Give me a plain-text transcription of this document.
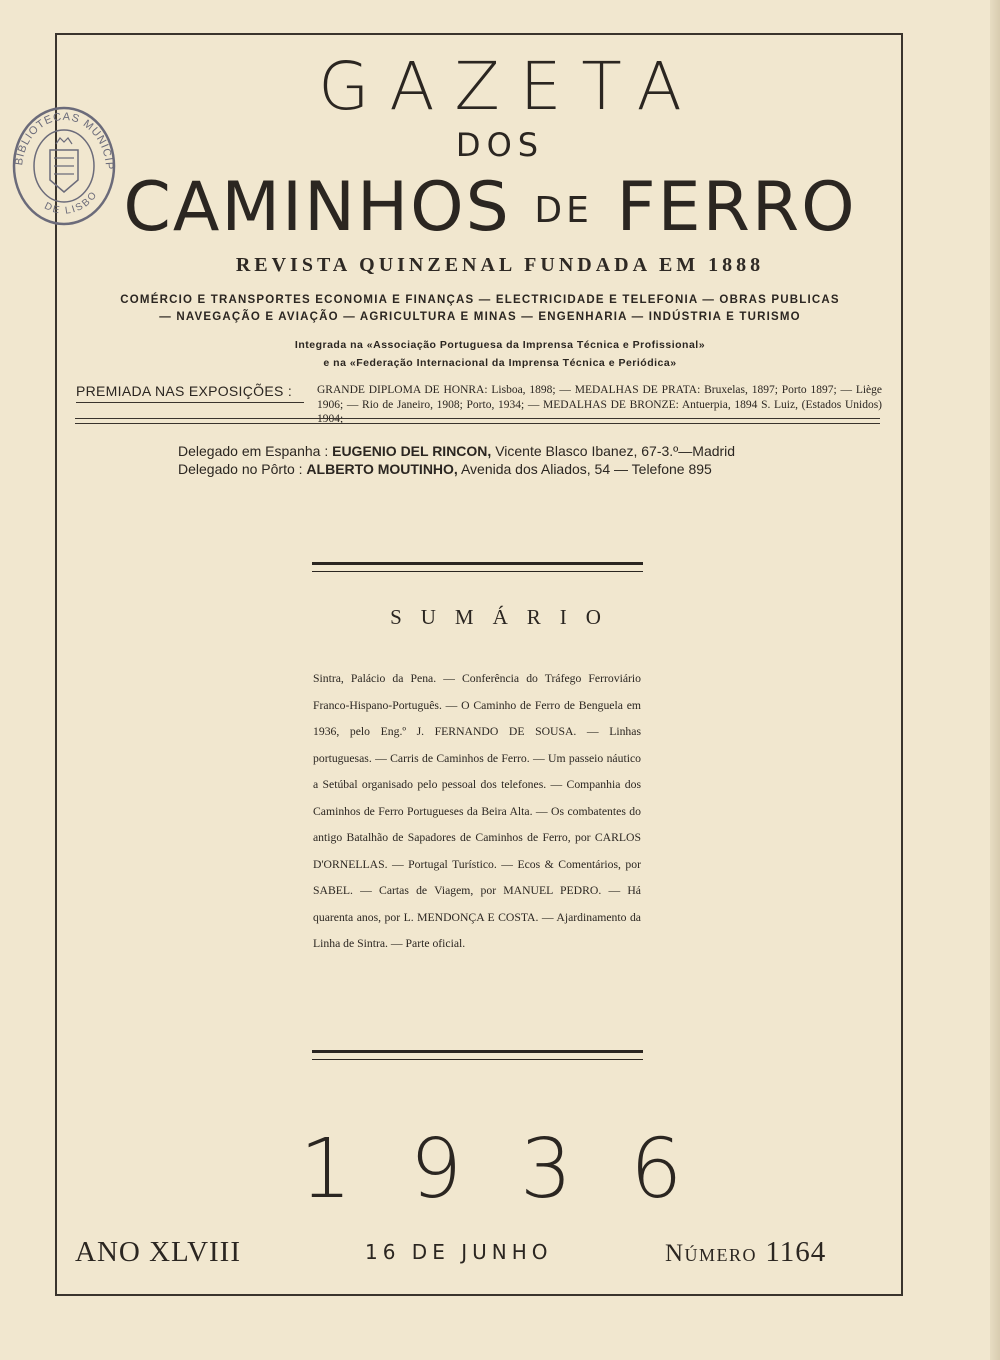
BIBLIOTECAS MUNICIP
DE LISBO
GAZETA
DOS
CAMINHOS DE FERRO
REVISTA QUINZENAL FUNDADA EM 1888
COMÉRCIO E TRANSPORTES ECONOMIA E FINANÇAS — ELECTRICIDADE E TELEFONIA — OBRAS PUBLICAS
— NAVEGAÇÃO E AVIAÇÃO — AGRICULTURA E MINAS — ENGENHARIA — INDÚSTRIA E TURISMO
Integrada na «Associação Portuguesa da Imprensa Técnica e Profissional»
e na «Federação Internacional da Imprensa Técnica e Periódica»
PREMIADA NAS EXPOSIÇÕES : GRANDE DIPLOMA DE HONRA: Lisboa, 1898; — MEDALHAS DE PRATA: Bruxelas, 1897; Porto 1897; — Liège 1906; — Rio de Janeiro, 1908; Porto, 1934; — MEDALHAS DE BRONZE: Antuerpia, 1894 S. Luiz, (Estados Unidos) 1904;
Delegado em Espanha : EUGENIO DEL RINCON, Vicente Blasco Ibanez, 67-3.º—Madrid
Delegado no Pôrto : ALBERTO MOUTINHO, Avenida dos Aliados, 54 — Telefone 895
SUMÁRIO
Sintra, Palácio da Pena. — Conferência do Tráfego Ferroviário Franco-Hispano-Português. — O Caminho de Ferro de Benguela em 1936, pelo Eng.º J. FERNANDO DE SOUSA. — Linhas portuguesas. — Carris de Caminhos de Ferro. — Um passeio náutico a Setúbal organisado pelo pessoal dos telefones. — Companhia dos Caminhos de Ferro Portugueses da Beira Alta. — Os combatentes do antigo Batalhão de Sapadores de Caminhos de Ferro, por CARLOS D'ORNELLAS. — Portugal Turístico. — Ecos & Comentários, por SABEL. — Cartas de Viagem, por MANUEL PEDRO. — Há quarenta anos, por L. MENDONÇA E COSTA. — Ajardinamento da Linha de Sintra. — Parte oficial.
1936
ANO XLVIII	16 DE JUNHO	Número 1164
